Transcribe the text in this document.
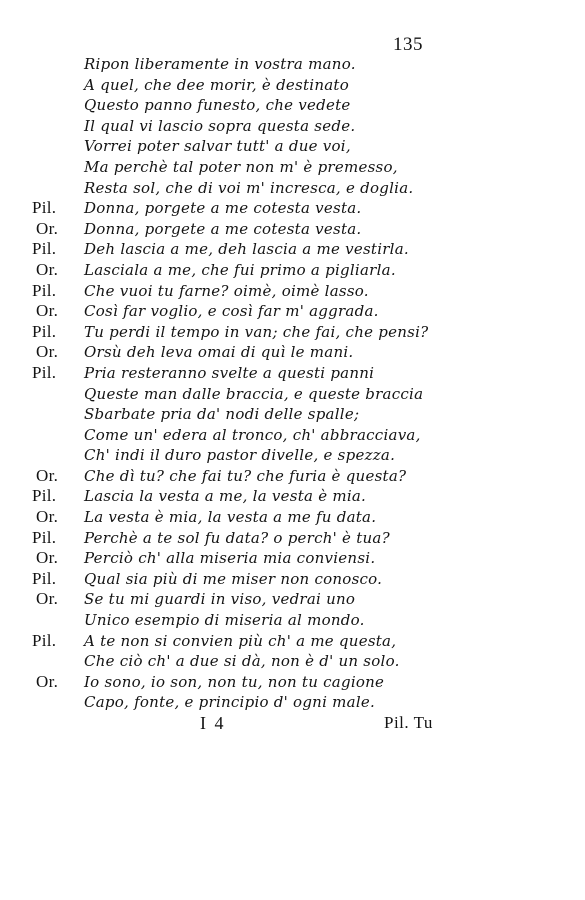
135
Ripon liberamente in vostra mano.
A quel, che dee morir, è destinato
Questo panno funesto, che vedete
Il qual vi lascio sopra questa sede.
Vorrei poter salvar tutt' a due voi,
Ma perchè tal poter non m' è premesso,
Resta sol, che di voi m' incresca, e doglia.
Pil. Donna, porgete a me cotesta vesta.
Or. Donna, porgete a me cotesta vesta.
Pil. Deh lascia a me, deh lascia a me vestirla.
Or. Lasciala a me, che fui primo a pigliarla.
Pil. Che vuoi tu farne? oimè, oimè lasso.
Or. Così far voglio, e così far m' aggrada.
Pil. Tu perdi il tempo in van; che fai, che pensi?
Or. Orsù deh leva omai di quì le mani.
Pil. Pria resteranno svelte a questi panni
Queste man dalle braccia, e queste braccia
Sbarbate pria da' nodi delle spalle;
Come un' edera al tronco, ch' abbracciava,
Ch' indi il duro pastor divelle, e spezza.
Or. Che dì tu? che fai tu? che furia è questa?
Pil. Lascia la vesta a me, la vesta è mia.
Or. La vesta è mia, la vesta a me fu data.
Pil. Perchè a te sol fu data? o perch' è tua?
Or. Perciò ch' alla miseria mia conviensi.
Pil. Qual sia più di me miser non conosco.
Or. Se tu mi guardi in viso, vedrai uno
Unico esempio di miseria al mondo.
Pil. A te non si convien più ch' a me questa,
Che ciò ch' a due si dà, non è d' un solo.
Or. Io sono, io son, non tu, non tu cagione
Capo, fonte, e principio d' ogni male.
I 4	Pil. Tu
